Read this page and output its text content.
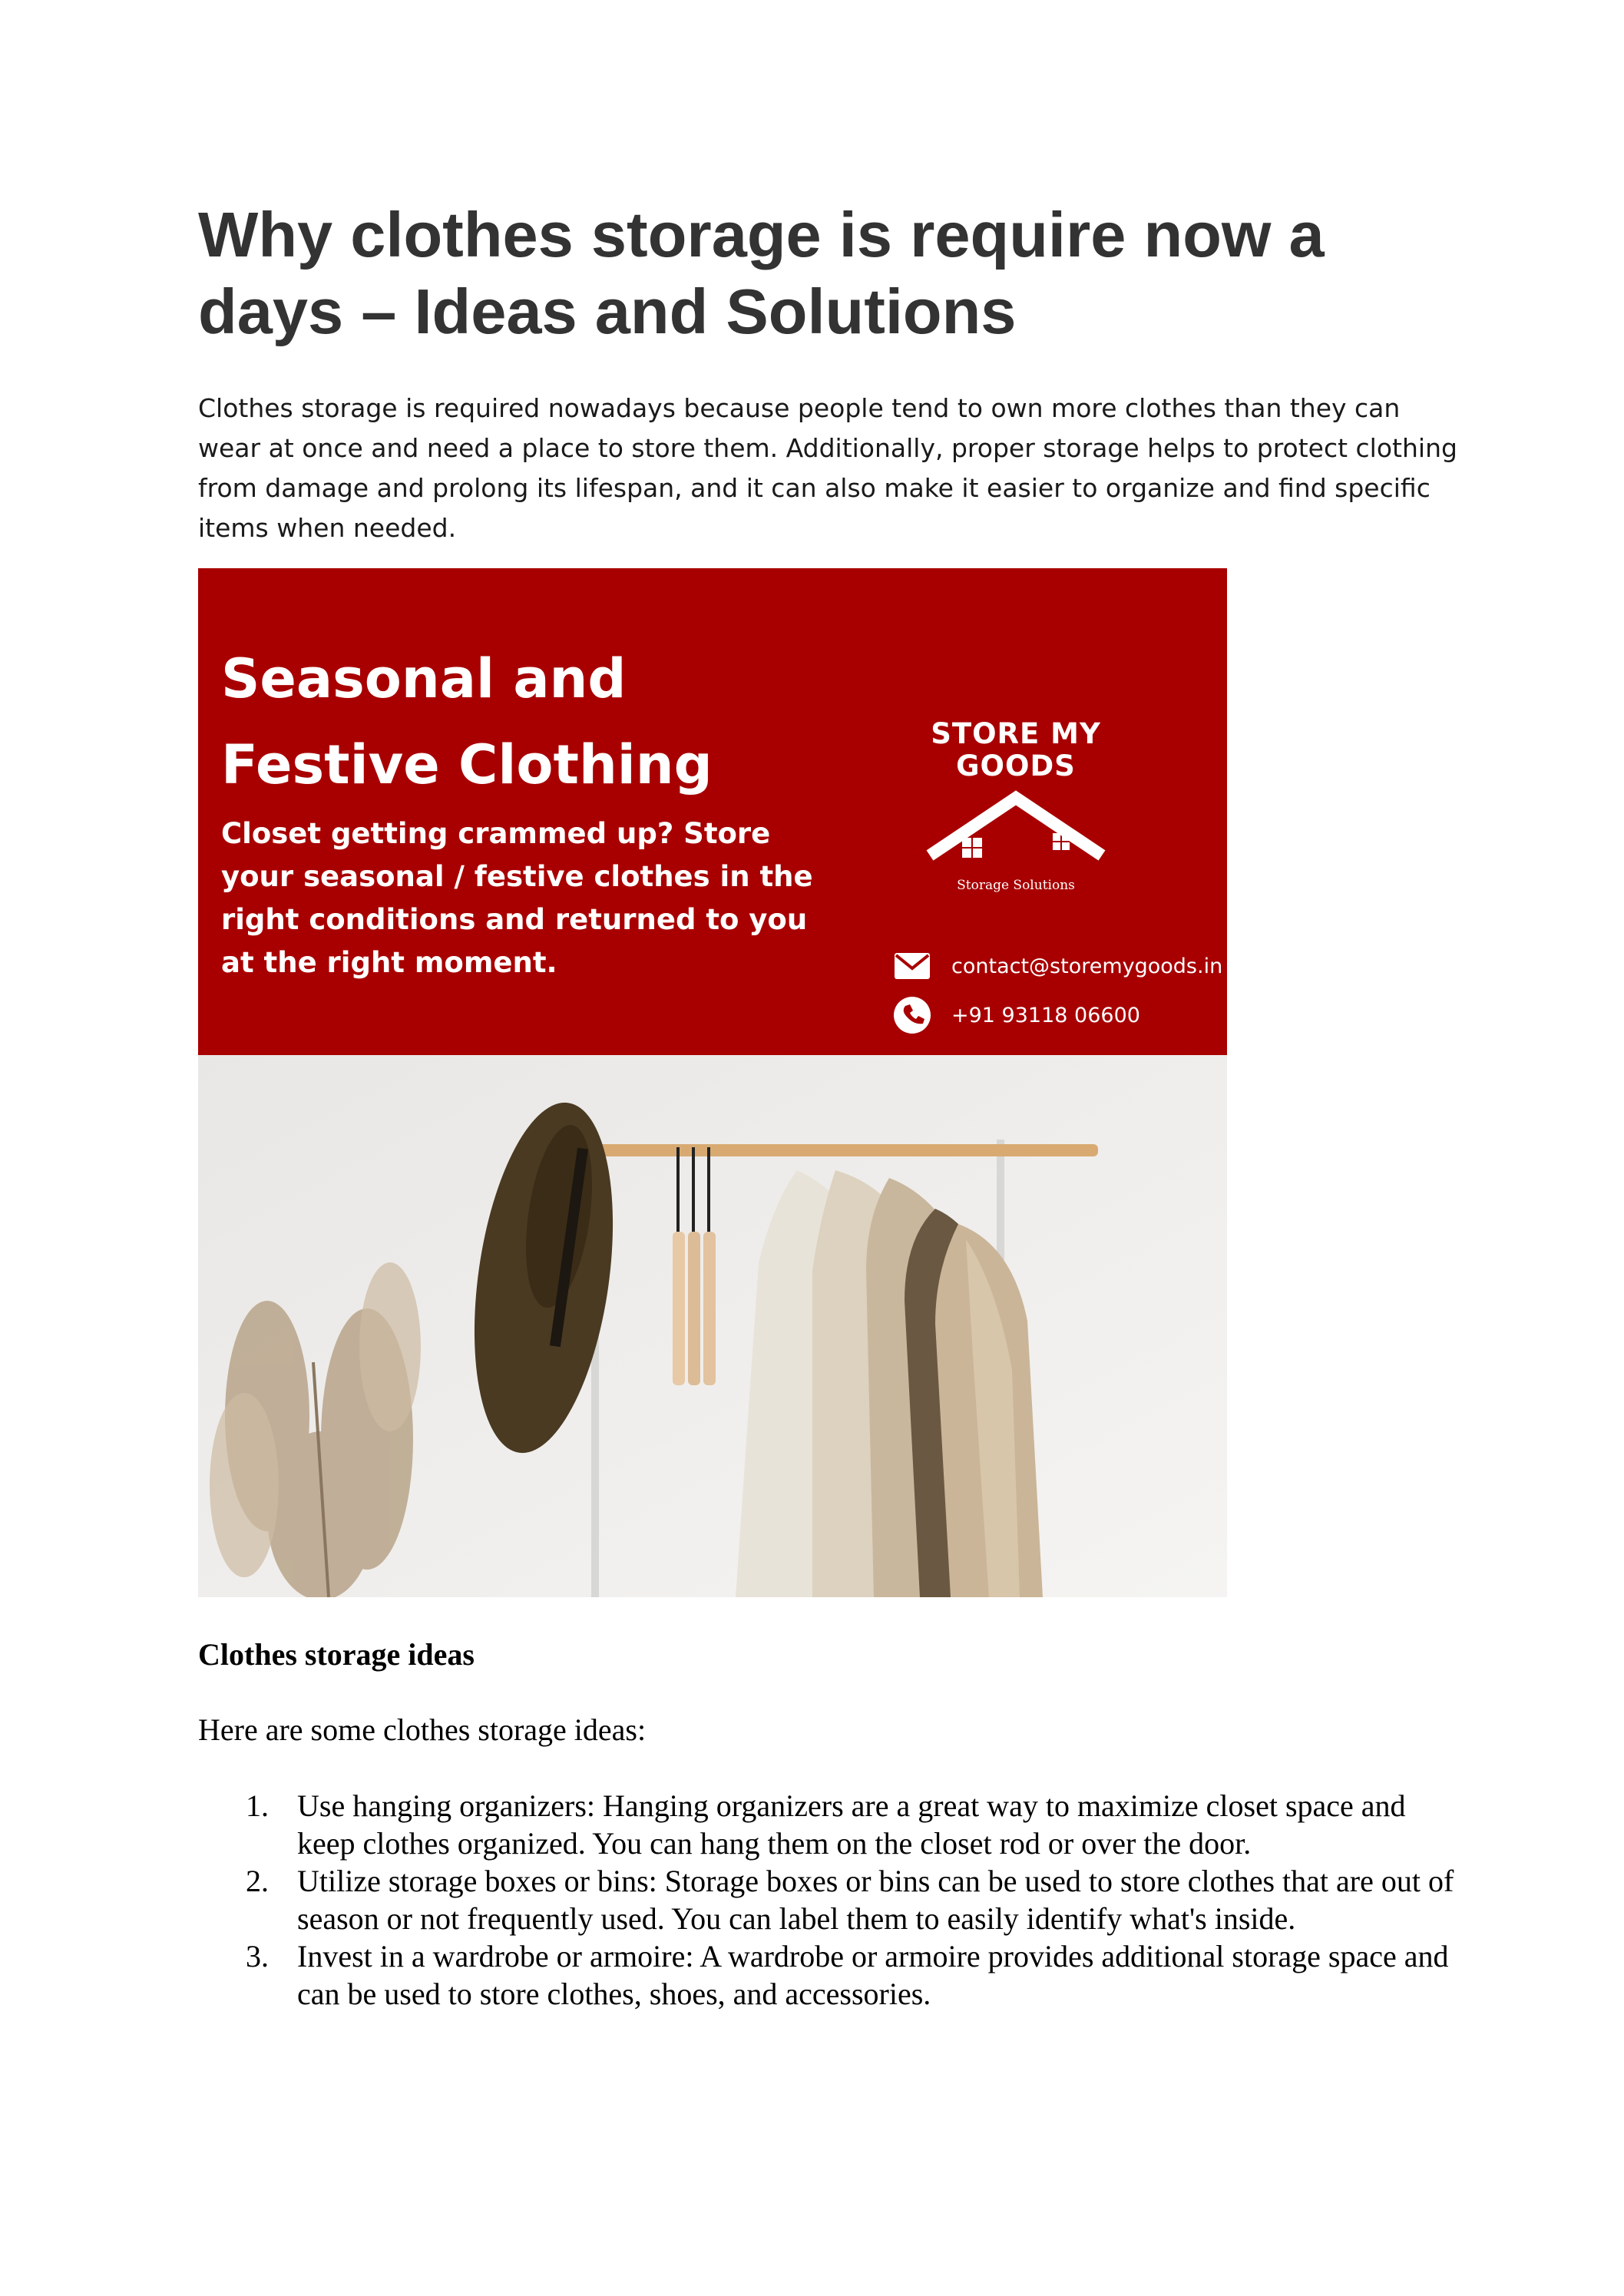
Why clothes storage is require now a days – Ideas and Solutions

Clothes storage is required nowadays because people tend to own more clothes than they can wear at once and need a place to store them. Additionally, proper storage helps to protect clothing from damage and prolong its lifespan, and it can also make it easier to organize and find specific items when needed.

Seasonal and
Festive Clothing

Closet getting crammed up? Store your seasonal / festive clothes in the right conditions and returned to you at the right moment.

STORE MY
GOODS
Storage Solutions
contact@storemygoods.in
+91 93118 06600
Clothes storage ideas

Here are some clothes storage ideas:

1. Use hanging organizers: Hanging organizers are a great way to maximize closet space and keep clothes organized. You can hang them on the closet rod or over the door.
2. Utilize storage boxes or bins: Storage boxes or bins can be used to store clothes that are out of season or not frequently used. You can label them to easily identify what's inside.
3. Invest in a wardrobe or armoire: A wardrobe or armoire provides additional storage space and can be used to store clothes, shoes, and accessories.
